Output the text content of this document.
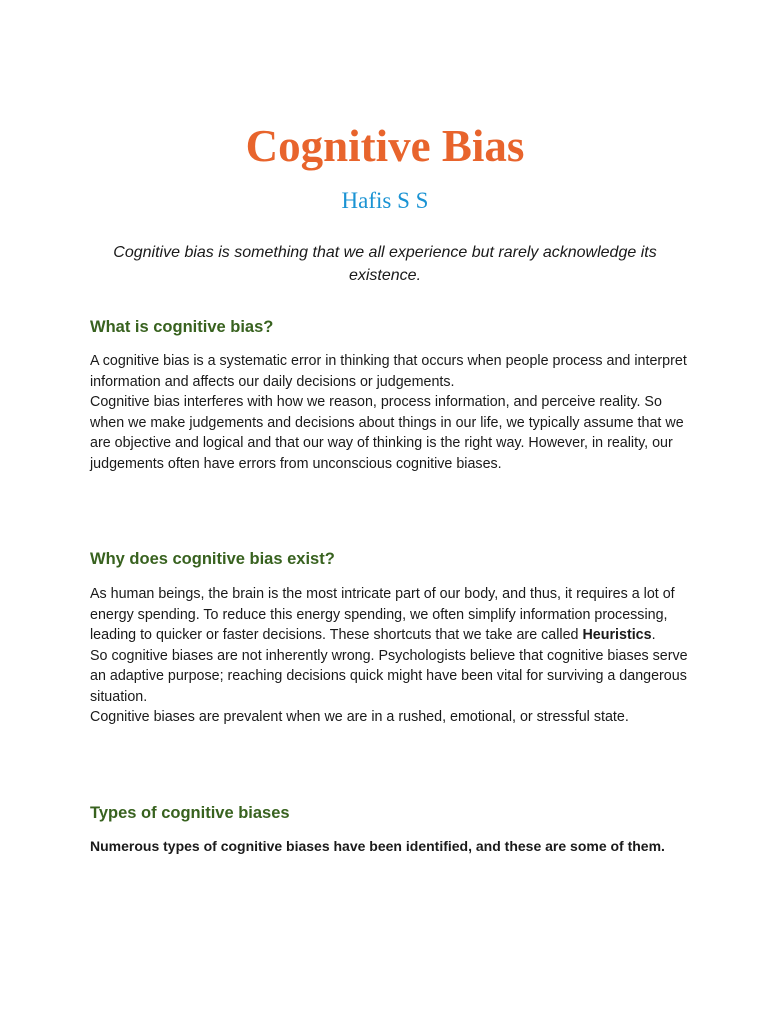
Cognitive Bias
Hafis S S

Cognitive bias is something that we all experience but rarely acknowledge its existence.

What is cognitive bias?

A cognitive bias is a systematic error in thinking that occurs when people process and interpret information and affects our daily decisions or judgements.

Cognitive bias interferes with how we reason, process information, and perceive reality. So when we make judgements and decisions about things in our life, we typically assume that we are objective and logical and that our way of thinking is the right way. However, in reality, our judgements often have errors from unconscious cognitive biases.

Why does cognitive bias exist?

As human beings, the brain is the most intricate part of our body, and thus, it requires a lot of energy spending. To reduce this energy spending, we often simplify information processing, leading to quicker or faster decisions. These shortcuts that we take are called Heuristics.

So cognitive biases are not inherently wrong. Psychologists believe that cognitive biases serve an adaptive purpose; reaching decisions quick might have been vital for surviving a dangerous situation.

Cognitive biases are prevalent when we are in a rushed, emotional, or stressful state.

Types of cognitive biases

Numerous types of cognitive biases have been identified, and these are some of them.
